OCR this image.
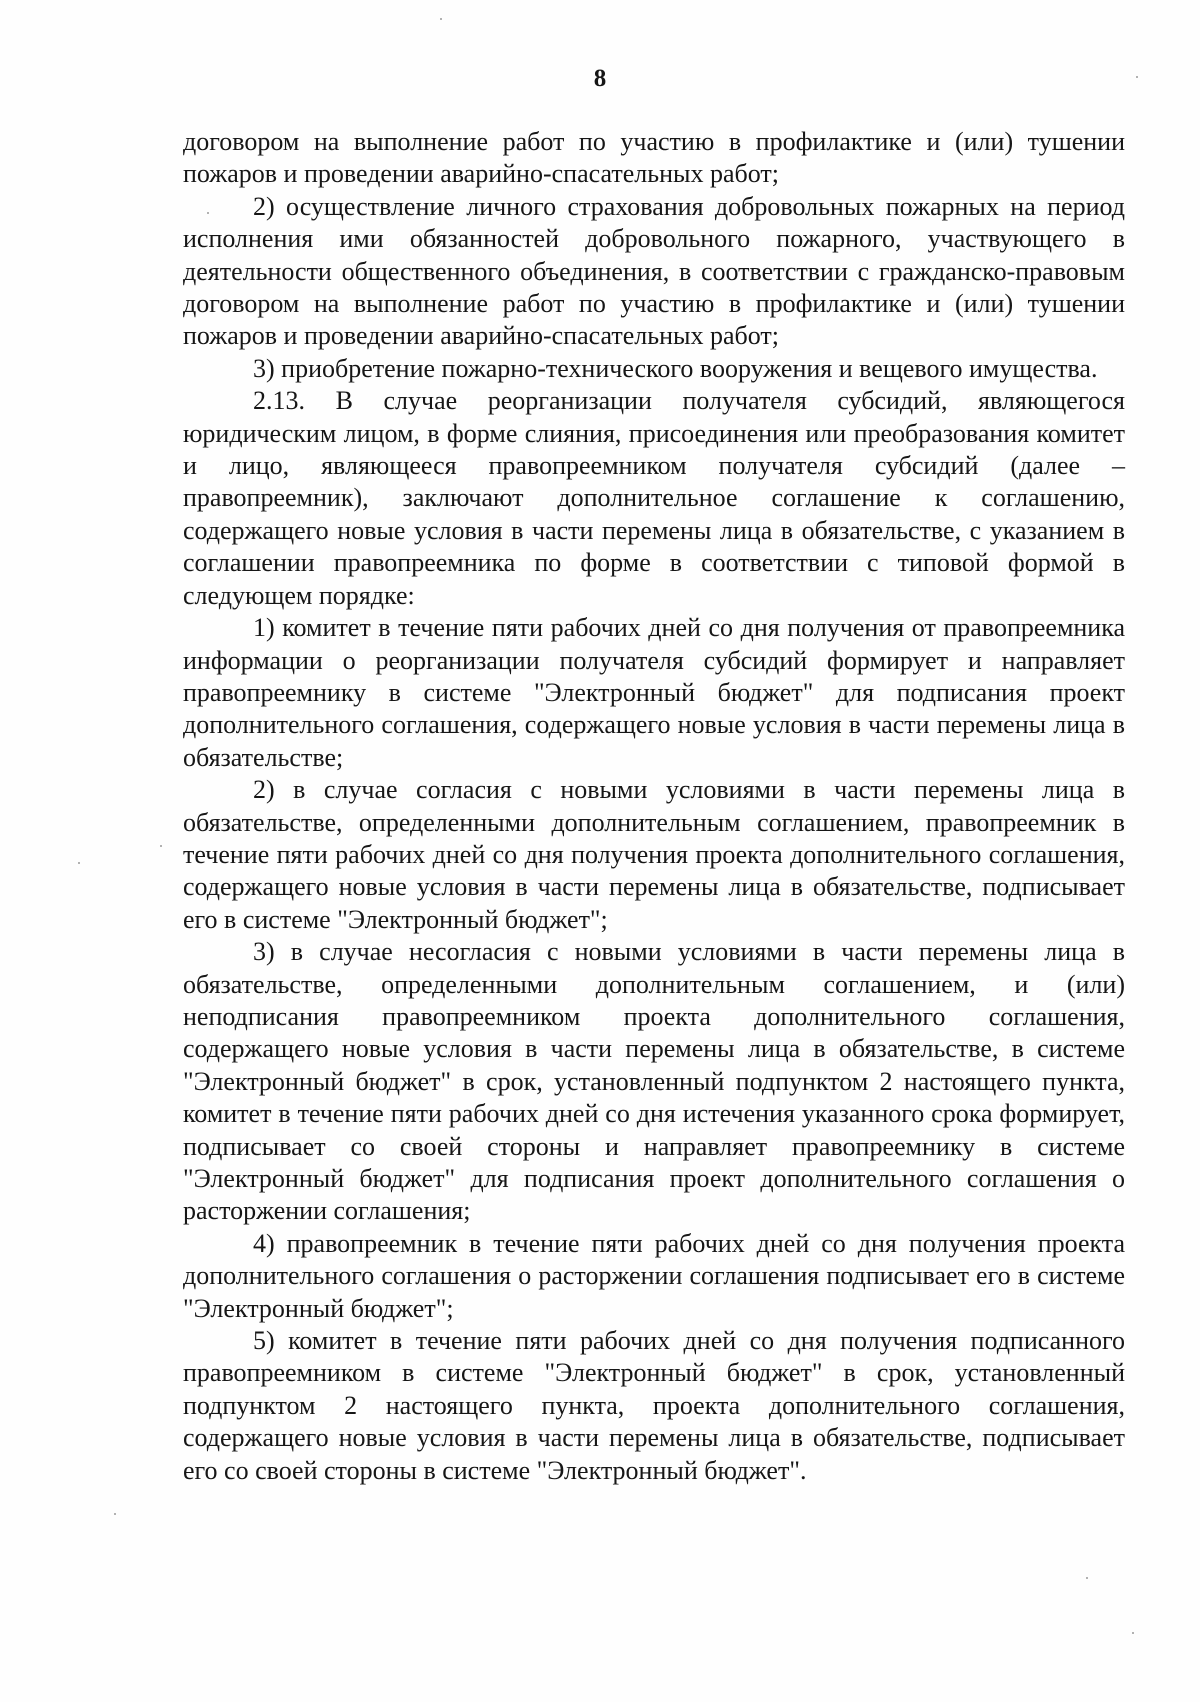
8

договором на выполнение работ по участию в профилактике и (или) тушении пожаров и проведении аварийно-спасательных работ;

2) осуществление личного страхования добровольных пожарных на период исполнения ими обязанностей добровольного пожарного, участвующего в деятельности общественного объединения, в соответствии с гражданско-правовым договором на выполнение работ по участию в профилактике и (или) тушении пожаров и проведении аварийно-спасательных работ;

3) приобретение пожарно-технического вооружения и вещевого имущества.

2.13. В случае реорганизации получателя субсидий, являющегося юридическим лицом, в форме слияния, присоединения или преобразования комитет и лицо, являющееся правопреемником получателя субсидий (далее – правопреемник), заключают дополнительное соглашение к соглашению, содержащего новые условия в части перемены лица в обязательстве, с указанием в соглашении правопреемника по форме в соответствии с типовой формой в следующем порядке:

1) комитет в течение пяти рабочих дней со дня получения от правопреемника информации о реорганизации получателя субсидий формирует и направляет правопреемнику в системе "Электронный бюджет" для подписания проект дополнительного соглашения, содержащего новые условия в части перемены лица в обязательстве;

2) в случае согласия с новыми условиями в части перемены лица в обязательстве, определенными дополнительным соглашением, правопреемник в течение пяти рабочих дней со дня получения проекта дополнительного соглашения, содержащего новые условия в части перемены лица в обязательстве, подписывает его в системе "Электронный бюджет";

3) в случае несогласия с новыми условиями в части перемены лица в обязательстве, определенными дополнительным соглашением, и (или) неподписания правопреемником проекта дополнительного соглашения, содержащего новые условия в части перемены лица в обязательстве, в системе "Электронный бюджет" в срок, установленный подпунктом 2 настоящего пункта, комитет в течение пяти рабочих дней со дня истечения указанного срока формирует, подписывает со своей стороны и направляет правопреемнику в системе "Электронный бюджет" для подписания проект дополнительного соглашения о расторжении соглашения;

4) правопреемник в течение пяти рабочих дней со дня получения проекта дополнительного соглашения о расторжении соглашения подписывает его в системе "Электронный бюджет";

5) комитет в течение пяти рабочих дней со дня получения подписанного правопреемником в системе "Электронный бюджет" в срок, установленный подпунктом 2 настоящего пункта, проекта дополнительного соглашения, содержащего новые условия в части перемены лица в обязательстве, подписывает его со своей стороны в системе "Электронный бюджет".
